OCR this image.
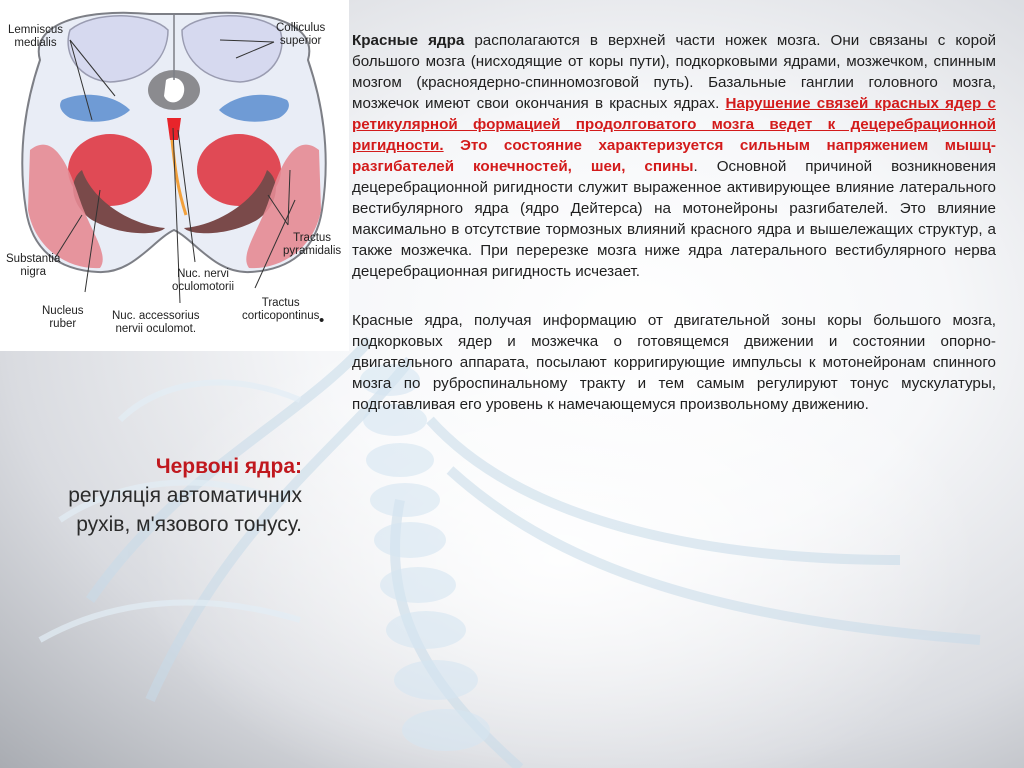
Lemniscus
medialis
Colliculus
superior
Tractus
pyramidalis
Substantia
nigra
Nucleus
ruber
Nuc. nervi
oculomotorii
Nuc. accessorius
nervii oculomot.
Tractus
corticopontinus
Червоні ядра:
регуляція автоматичних
рухів, м'язового тонусу.

Красные ядра располагаются в верхней части ножек мозга. Они связаны с корой большого мозга (нисходящие от коры пути), подкорковыми ядрами, мозжечком, спинным мозгом (красноядерно-спинномозговой путь). Базальные ганглии головного мозга, мозжечок имеют свои окончания в красных ядрах. Нарушение связей красных ядер с ретикулярной формацией продолговатого мозга ведет к децеребрационной ригидности. Это состояние характеризуется сильным напряжением мышц-разгибателей конечностей, шеи, спины. Основной причиной возникновения децеребрационной ригидности служит выраженное активирующее влияние латерального вестибулярного ядра (ядро Дейтерса) на мотонейроны разгибателей. Это влияние максимально в отсутствие тормозных влияний красного ядра и вышележащих структур, а также мозжечка. При перерезке мозга ниже ядра латерального вестибулярного нерва децеребрационная ригидность исчезает.

• Красные ядра, получая информацию от двигательной зоны коры большого мозга, подкорковых ядер и мозжечка о готовящемся движении и состоянии опорно-двигательного аппарата, посылают корригирующие импульсы к мотонейронам спинного мозга по руброспинальному тракту и тем самым регулируют тонус мускулатуры, подготавливая его уровень к намечающемуся произвольному движению.
